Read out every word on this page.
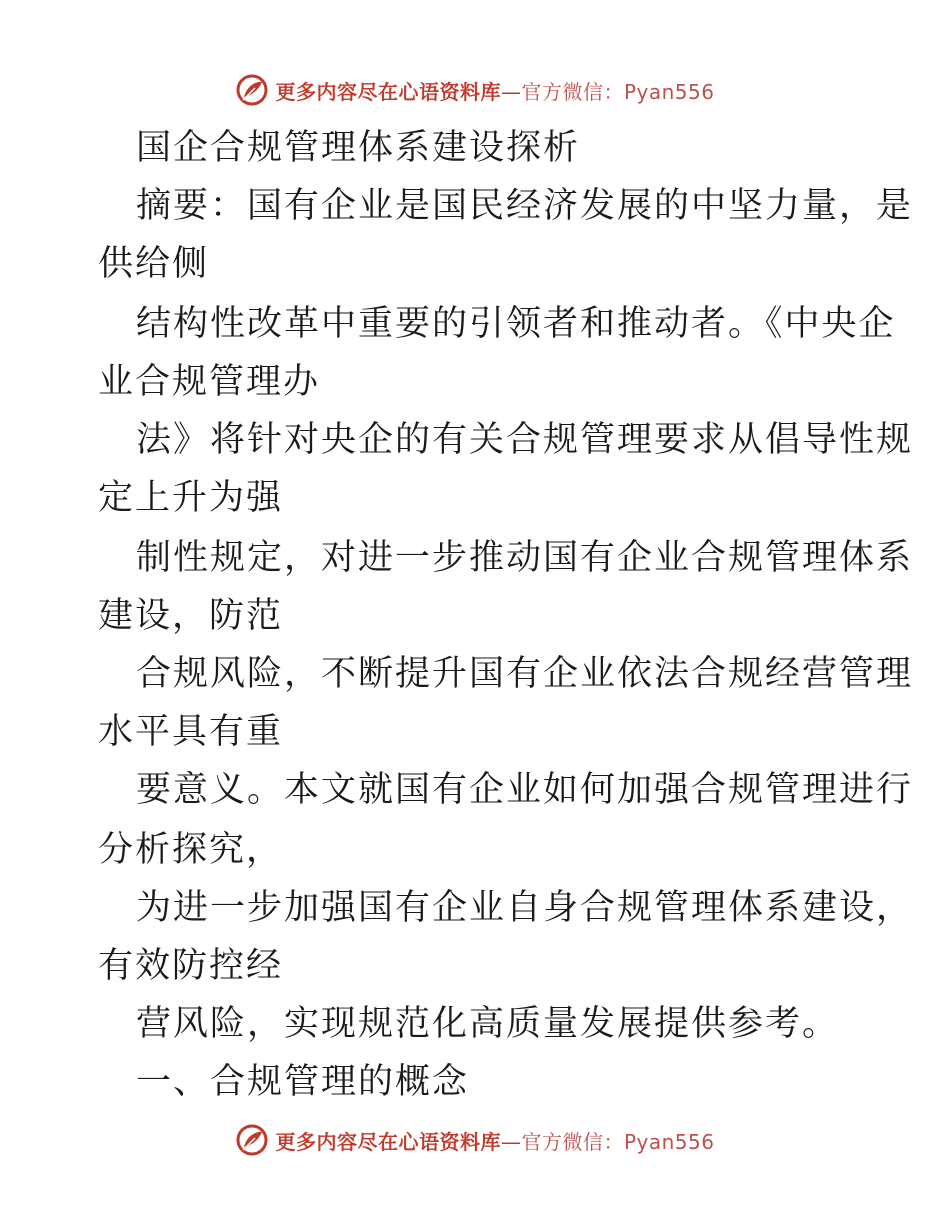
更多内容尽在心语资料库—官方微信：Pyan556
国企合规管理体系建设探析
摘要：国有企业是国民经济发展的中坚力量，是
供给侧
结构性改革中重要的引领者和推动者。《中央企
业合规管理办
法》将针对央企的有关合规管理要求从倡导性规
定上升为强
制性规定，对进一步推动国有企业合规管理体系
建设，防范
合规风险，不断提升国有企业依法合规经营管理
水平具有重
要意义。本文就国有企业如何加强合规管理进行
分析探究，
为进一步加强国有企业自身合规管理体系建设，
有效防控经
营风险，实现规范化高质量发展提供参考。
一、合规管理的概念
更多内容尽在心语资料库—官方微信：Pyan556
